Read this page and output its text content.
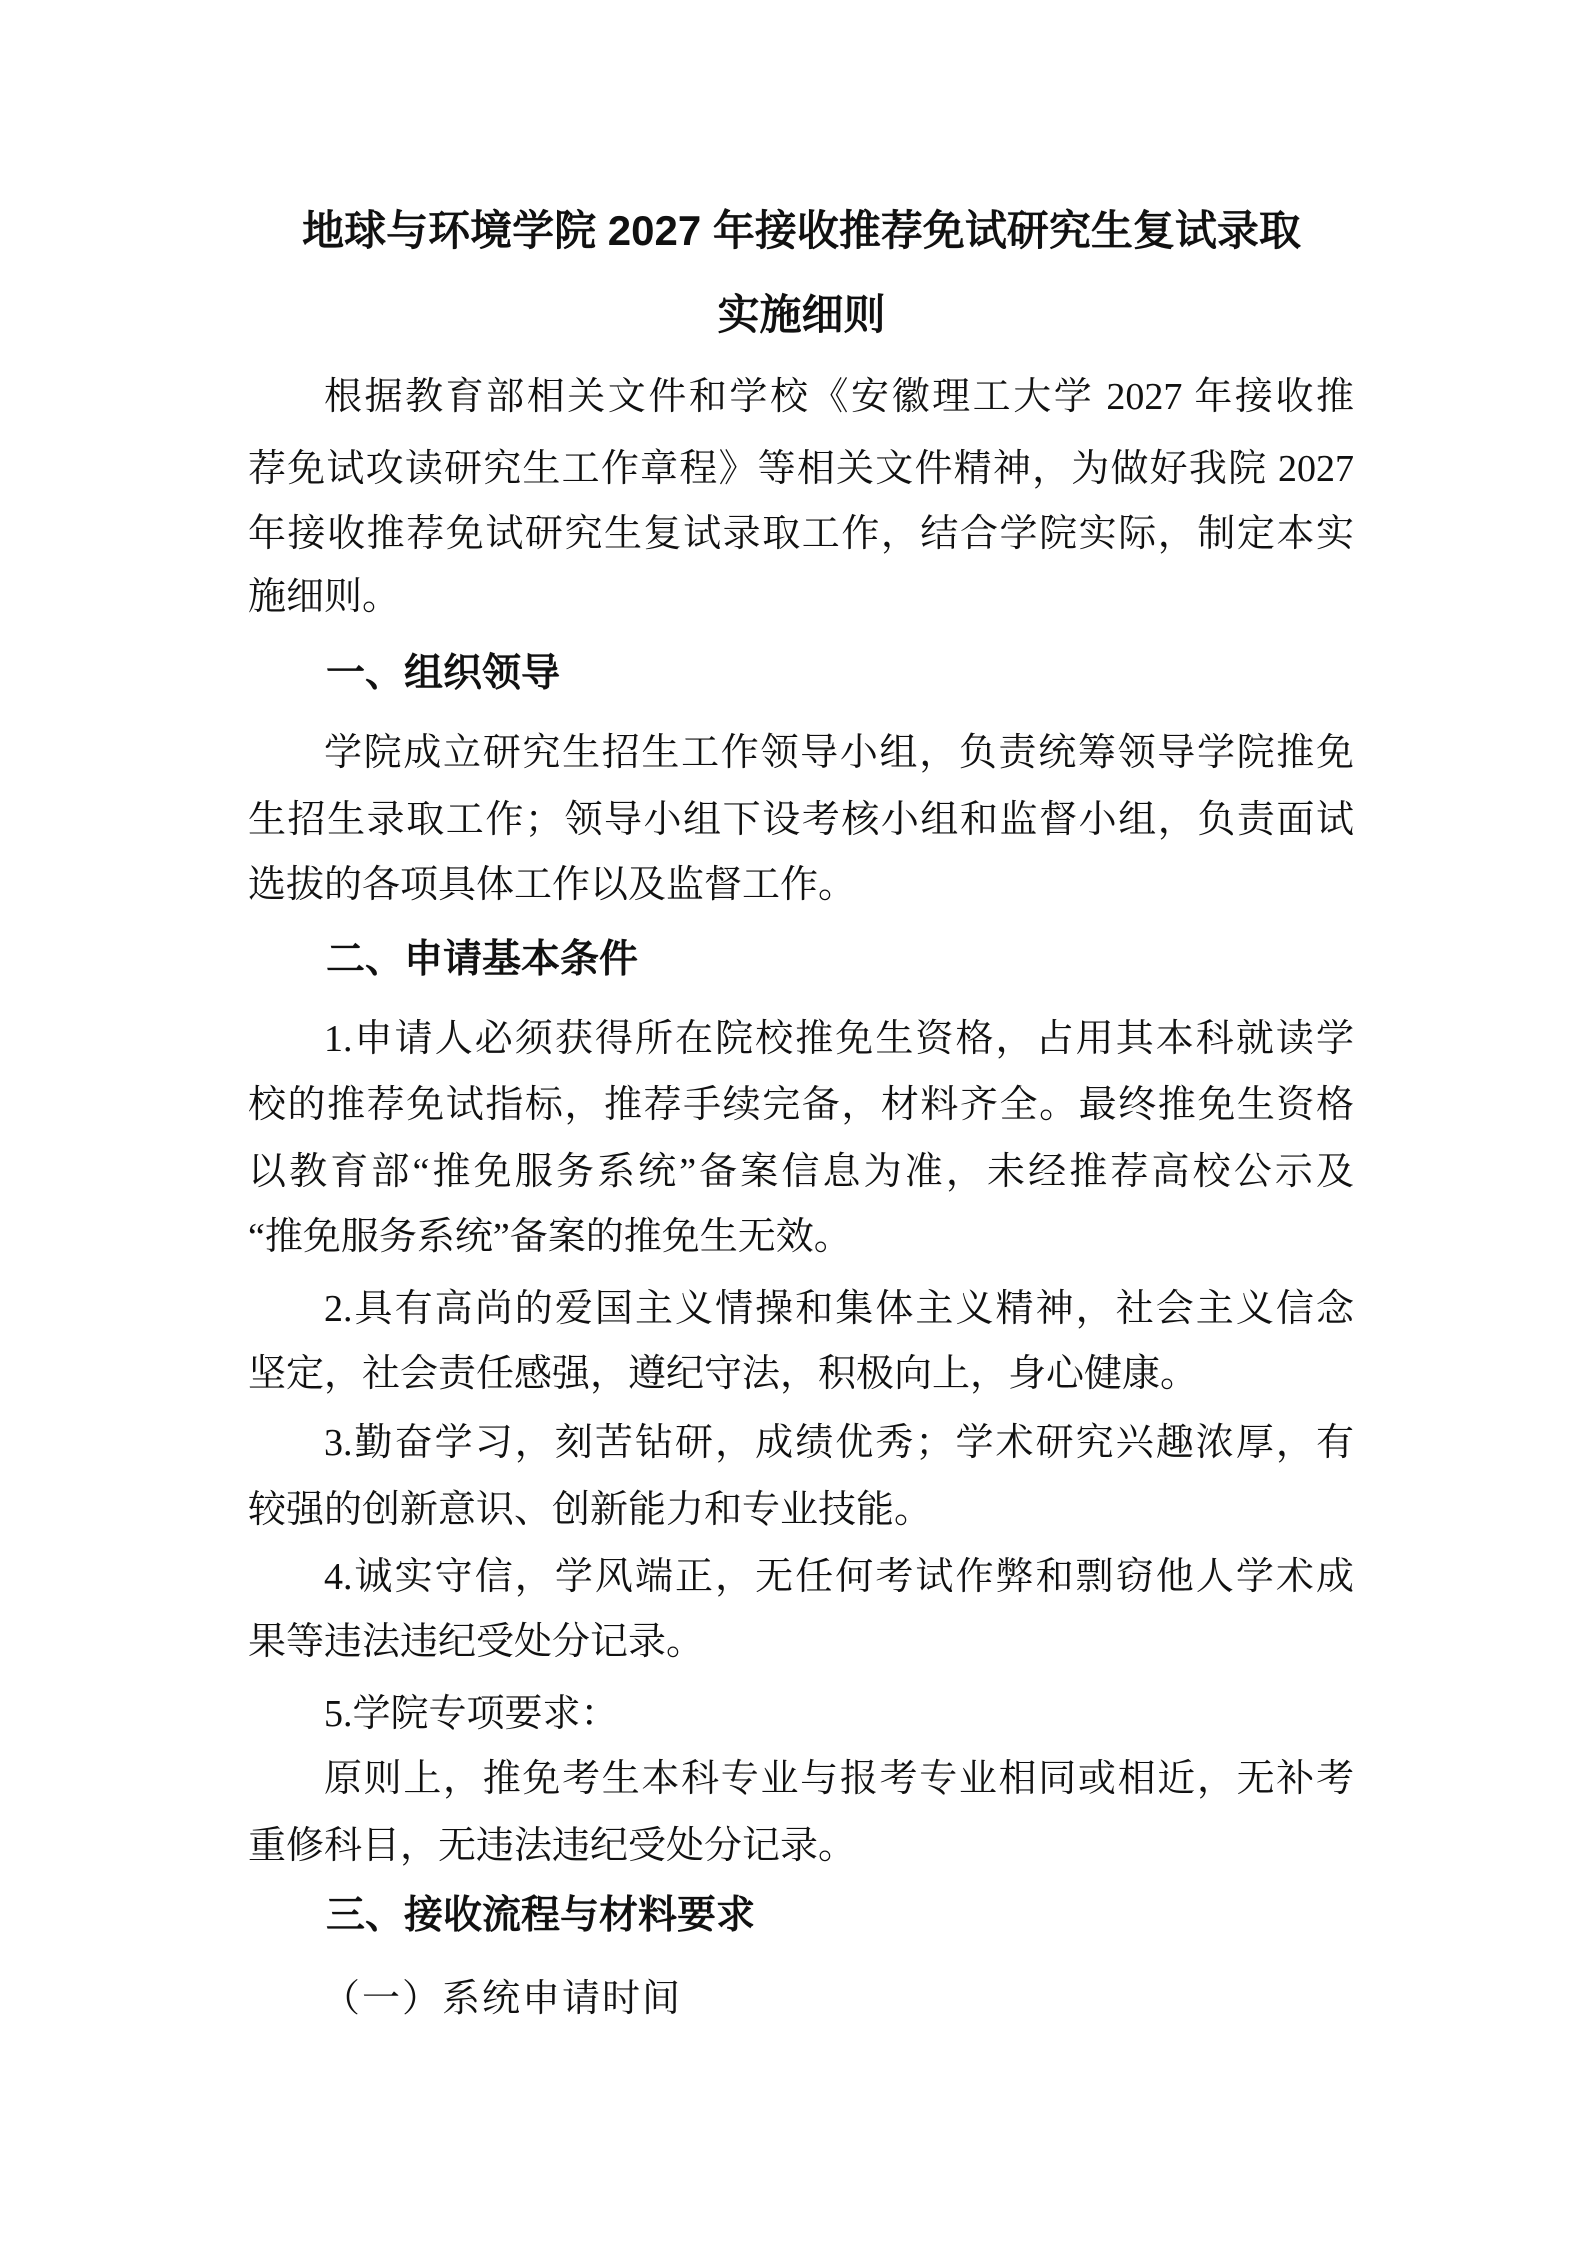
地球与环境学院 2027 年接收推荐免试研究生复试录取
实施细则
根据教育部相关文件和学校《安徽理工大学 2027 年接收推
荐免试攻读研究生工作章程》等相关文件精神，为做好我院 2027
年接收推荐免试研究生复试录取工作，结合学院实际，制定本实
施细则。
一、组织领导
学院成立研究生招生工作领导小组，负责统筹领导学院推免
生招生录取工作；领导小组下设考核小组和监督小组，负责面试
选拔的各项具体工作以及监督工作。
二、申请基本条件
1.申请人必须获得所在院校推免生资格，占用其本科就读学
校的推荐免试指标，推荐手续完备，材料齐全。最终推免生资格
以教育部“推免服务系统”备案信息为准，未经推荐高校公示及
“推免服务系统”备案的推免生无效。
2.具有高尚的爱国主义情操和集体主义精神，社会主义信念
坚定，社会责任感强，遵纪守法，积极向上，身心健康。
3.勤奋学习，刻苦钻研，成绩优秀；学术研究兴趣浓厚，有
较强的创新意识、创新能力和专业技能。
4.诚实守信，学风端正，无任何考试作弊和剽窃他人学术成
果等违法违纪受处分记录。
5.学院专项要求：
原则上，推免考生本科专业与报考专业相同或相近，无补考
重修科目，无违法违纪受处分记录。
三、接收流程与材料要求
（一）系统申请时间
